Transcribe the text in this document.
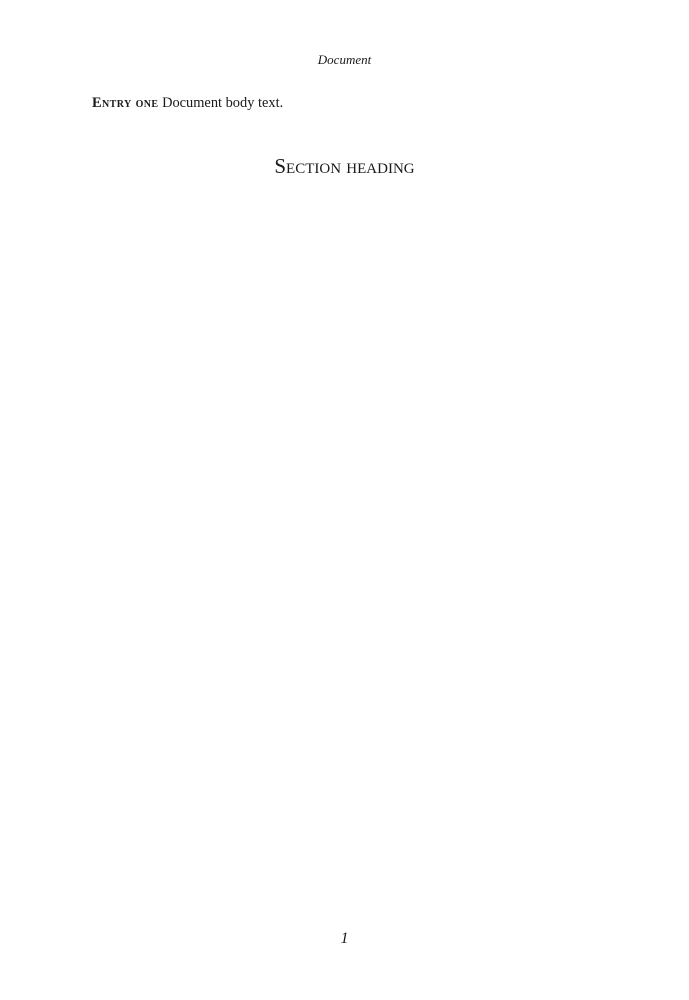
Document

Entry one Document body text.

Section heading
1
